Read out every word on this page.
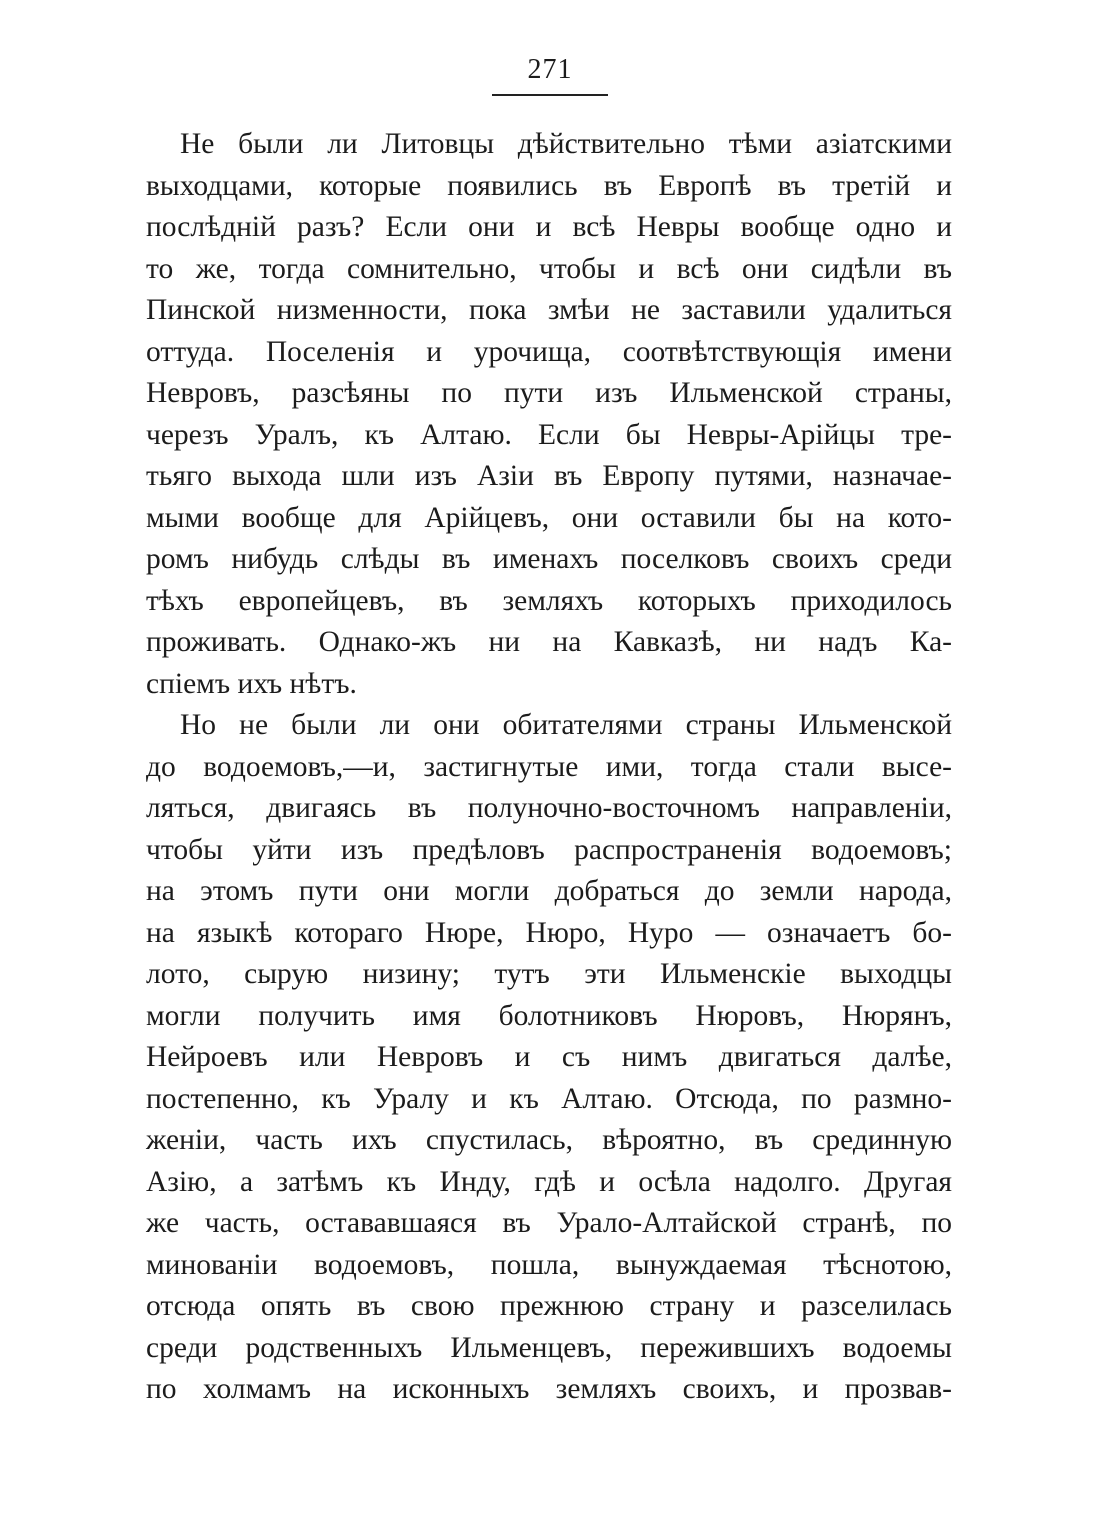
271
Не были ли Литовцы дѣйствительно тѣми азіатскими
выходцами, которые появились въ Европѣ въ третій и
послѣдній разъ? Если они и всѣ Невры вообще одно и
то же, тогда сомнительно, чтобы и всѣ они сидѣли въ
Пинской низменности, пока змѣи не заставили удалиться
оттуда. Поселенія и урочища, соотвѣтствующія имени
Невровъ, разсѣяны по пути изъ Ильменской страны,
черезъ Уралъ, къ Алтаю. Если бы Невры-Арійцы тре-
тьяго выхода шли изъ Азіи въ Европу путями, назначае-
мыми вообще для Арійцевъ, они оставили бы на кото-
ромъ нибудь слѣды въ именахъ поселковъ своихъ среди
тѣхъ европейцевъ, въ земляхъ которыхъ приходилось
проживать. Однако-жъ ни на Кавказѣ, ни надъ Ка-
спіемъ ихъ нѣтъ.
Но не были ли они обитателями страны Ильменской
до водоемовъ,—и, застигнутые ими, тогда стали высе-
ляться, двигаясь въ полуночно-восточномъ направленіи,
чтобы уйти изъ предѣловъ распространенія водоемовъ;
на этомъ пути они могли добраться до земли народа,
на языкѣ котораго Нюре, Нюро, Нуро — означаетъ бо-
лото, сырую низину; тутъ эти Ильменскіе выходцы
могли получить имя болотниковъ Нюровъ, Нюрянъ,
Нейроевъ или Невровъ и съ нимъ двигаться далѣе,
постепенно, къ Уралу и къ Алтаю. Отсюда, по размно-
женіи, часть ихъ спустилась, вѣроятно, въ срединную
Азію, а затѣмъ къ Инду, гдѣ и осѣла надолго. Другая
же часть, остававшаяся въ Урало-Алтайской странѣ, по
минованіи водоемовъ, пошла, вынуждаемая тѣснотою,
отсюда опять въ свою прежнюю страну и разселилась
среди родственныхъ Ильменцевъ, пережившихъ водоемы
по холмамъ на исконныхъ земляхъ своихъ, и прозвав-
